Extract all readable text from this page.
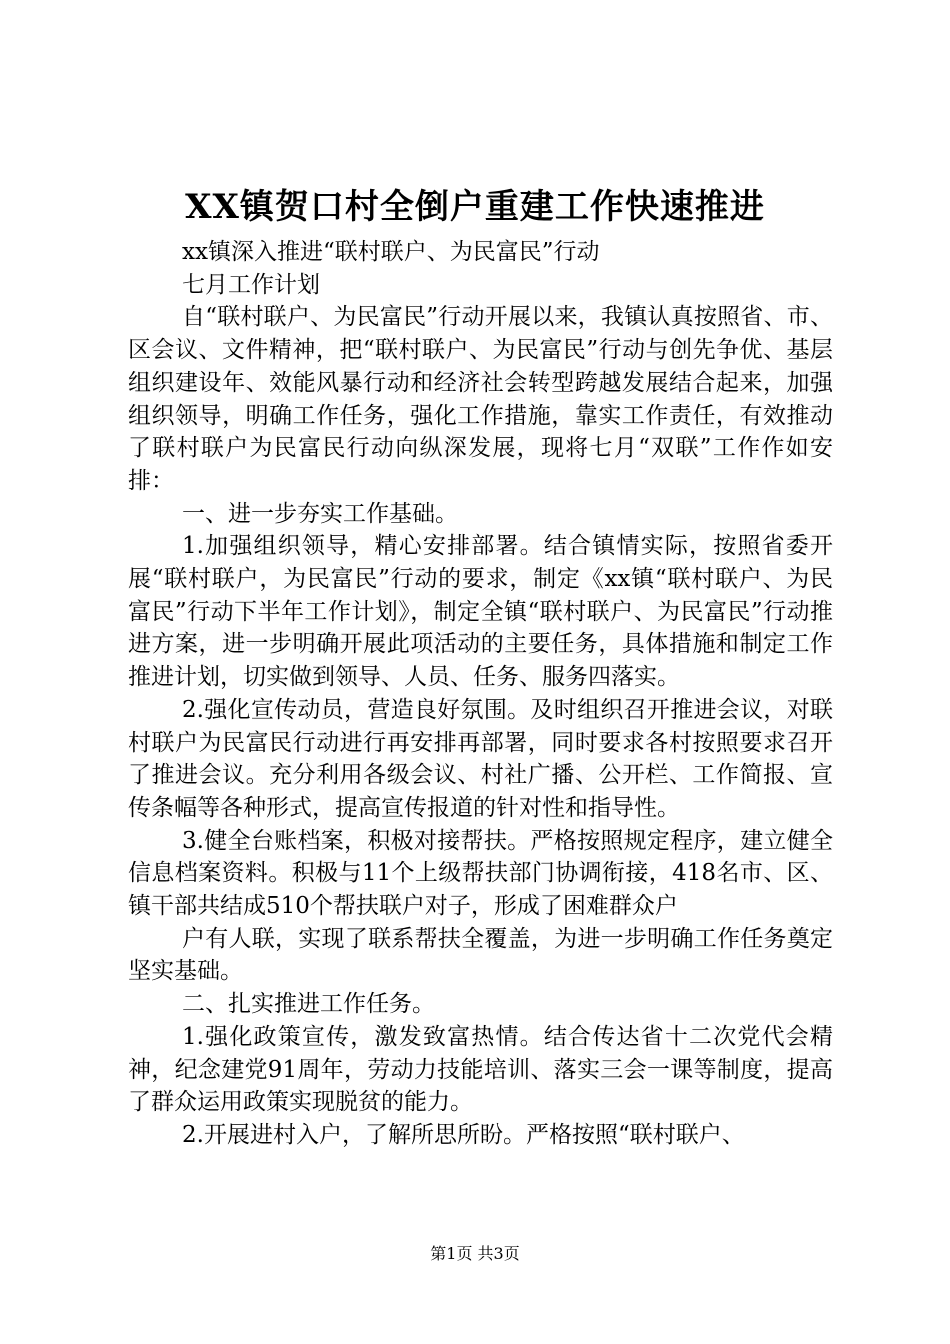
XX镇贺口村全倒户重建工作快速推进

xx镇深入推进“联村联户、为民富民”行动

七月工作计划

自“联村联户、为民富民”行动开展以来，我镇认真按照省、市、区会议、文件精神，把“联村联户、为民富民”行动与创先争优、基层组织建设年、效能风暴行动和经济社会转型跨越发展结合起来，加强组织领导，明确工作任务，强化工作措施，靠实工作责任，有效推动了联村联户为民富民行动向纵深发展，现将七月“双联”工作作如安排：

一、进一步夯实工作基础。

1.加强组织领导，精心安排部署。结合镇情实际，按照省委开展“联村联户，为民富民”行动的要求，制定《xx镇“联村联户、为民富民”行动下半年工作计划》，制定全镇“联村联户、为民富民”行动推进方案，进一步明确开展此项活动的主要任务，具体措施和制定工作推进计划，切实做到领导、人员、任务、服务四落实。

2.强化宣传动员，营造良好氛围。及时组织召开推进会议，对联村联户为民富民行动进行再安排再部署，同时要求各村按照要求召开了推进会议。充分利用各级会议、村社广播、公开栏、工作简报、宣传条幅等各种形式，提高宣传报道的针对性和指导性。

3.健全台账档案，积极对接帮扶。严格按照规定程序，建立健全信息档案资料。积极与11个上级帮扶部门协调衔接，418名市、区、镇干部共结成510个帮扶联户对子，形成了困难群众户

户有人联，实现了联系帮扶全覆盖，为进一步明确工作任务奠定坚实基础。

二、扎实推进工作任务。

1.强化政策宣传，激发致富热情。结合传达省十二次党代会精神，纪念建党91周年，劳动力技能培训、落实三会一课等制度，提高了群众运用政策实现脱贫的能力。

2.开展进村入户，了解所思所盼。严格按照“联村联户、

第1页 共3页
